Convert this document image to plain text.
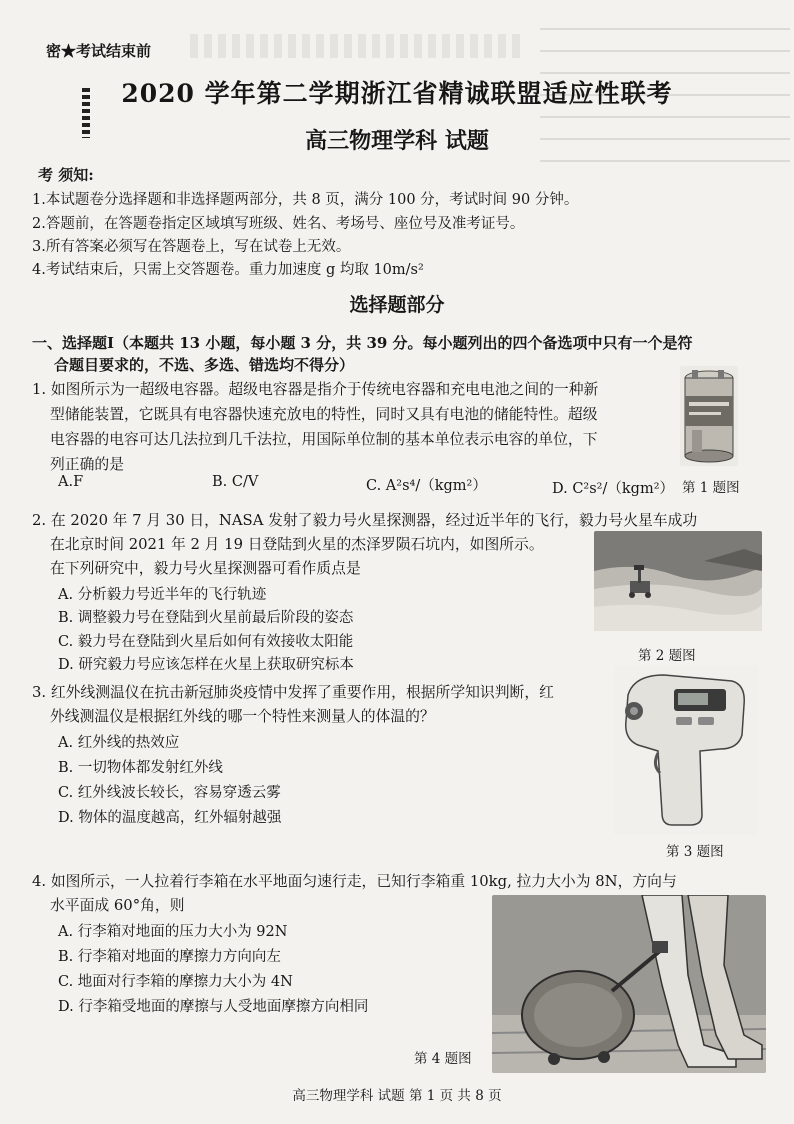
密★考试结束前
2020 学年第二学期浙江省精诚联盟适应性联考
高三物理学科 试题
考 须知:
1.本试题卷分选择题和非选择题两部分，共 8 页，满分 100 分，考试时间 90 分钟。
2.答题前，在答题卷指定区域填写班级、姓名、考场号、座位号及准考证号。
3.所有答案必须写在答题卷上，写在试卷上无效。
4.考试结束后，只需上交答题卷。重力加速度 g 均取 10m/s²
选择题部分
一、选择题Ⅰ（本题共 13 小题，每小题 3 分，共 39 分。每小题列出的四个备选项中只有一个是符
合题目要求的，不选、多选、错选均不得分）
1. 如图所示为一超级电容器。超级电容器是指介于传统电容器和充电电池之间的一种新
型储能装置，它既具有电容器快速充放电的特性，同时又具有电池的储能特性。超级
电容器的电容可达几法拉到几千法拉，用国际单位制的基本单位表示电容的单位，下
列正确的是
A.F	B. C/V	C. A²s⁴/（kgm²）	D. C²s²/（kgm²） 第 1 题图
2. 在 2020 年 7 月 30 日，NASA 发射了毅力号火星探测器，经过近半年的飞行，毅力号火星车成功
在北京时间 2021 年 2 月 19 日登陆到火星的杰泽罗陨石坑内，如图所示。
在下列研究中，毅力号火星探测器可看作质点是
A. 分析毅力号近半年的飞行轨迹
B. 调整毅力号在登陆到火星前最后阶段的姿态
C. 毅力号在登陆到火星后如何有效接收太阳能
D. 研究毅力号应该怎样在火星上获取研究标本
第 2 题图
3. 红外线测温仪在抗击新冠肺炎疫情中发挥了重要作用，根据所学知识判断，红
外线测温仪是根据红外线的哪一个特性来测量人的体温的？
A. 红外线的热效应
B. 一切物体都发射红外线
C. 红外线波长较长，容易穿透云雾
D. 物体的温度越高，红外辐射越强
第 3 题图
4. 如图所示，一人拉着行李箱在水平地面匀速行走，已知行李箱重 10kg, 拉力大小为 8N，方向与
水平面成 60°角，则
A. 行李箱对地面的压力大小为 92N
B. 行李箱对地面的摩擦力方向向左
C. 地面对行李箱的摩擦力大小为 4N
D. 行李箱受地面的摩擦与人受地面摩擦方向相同
第 4 题图
高三物理学科 试题 第 1 页 共 8 页
